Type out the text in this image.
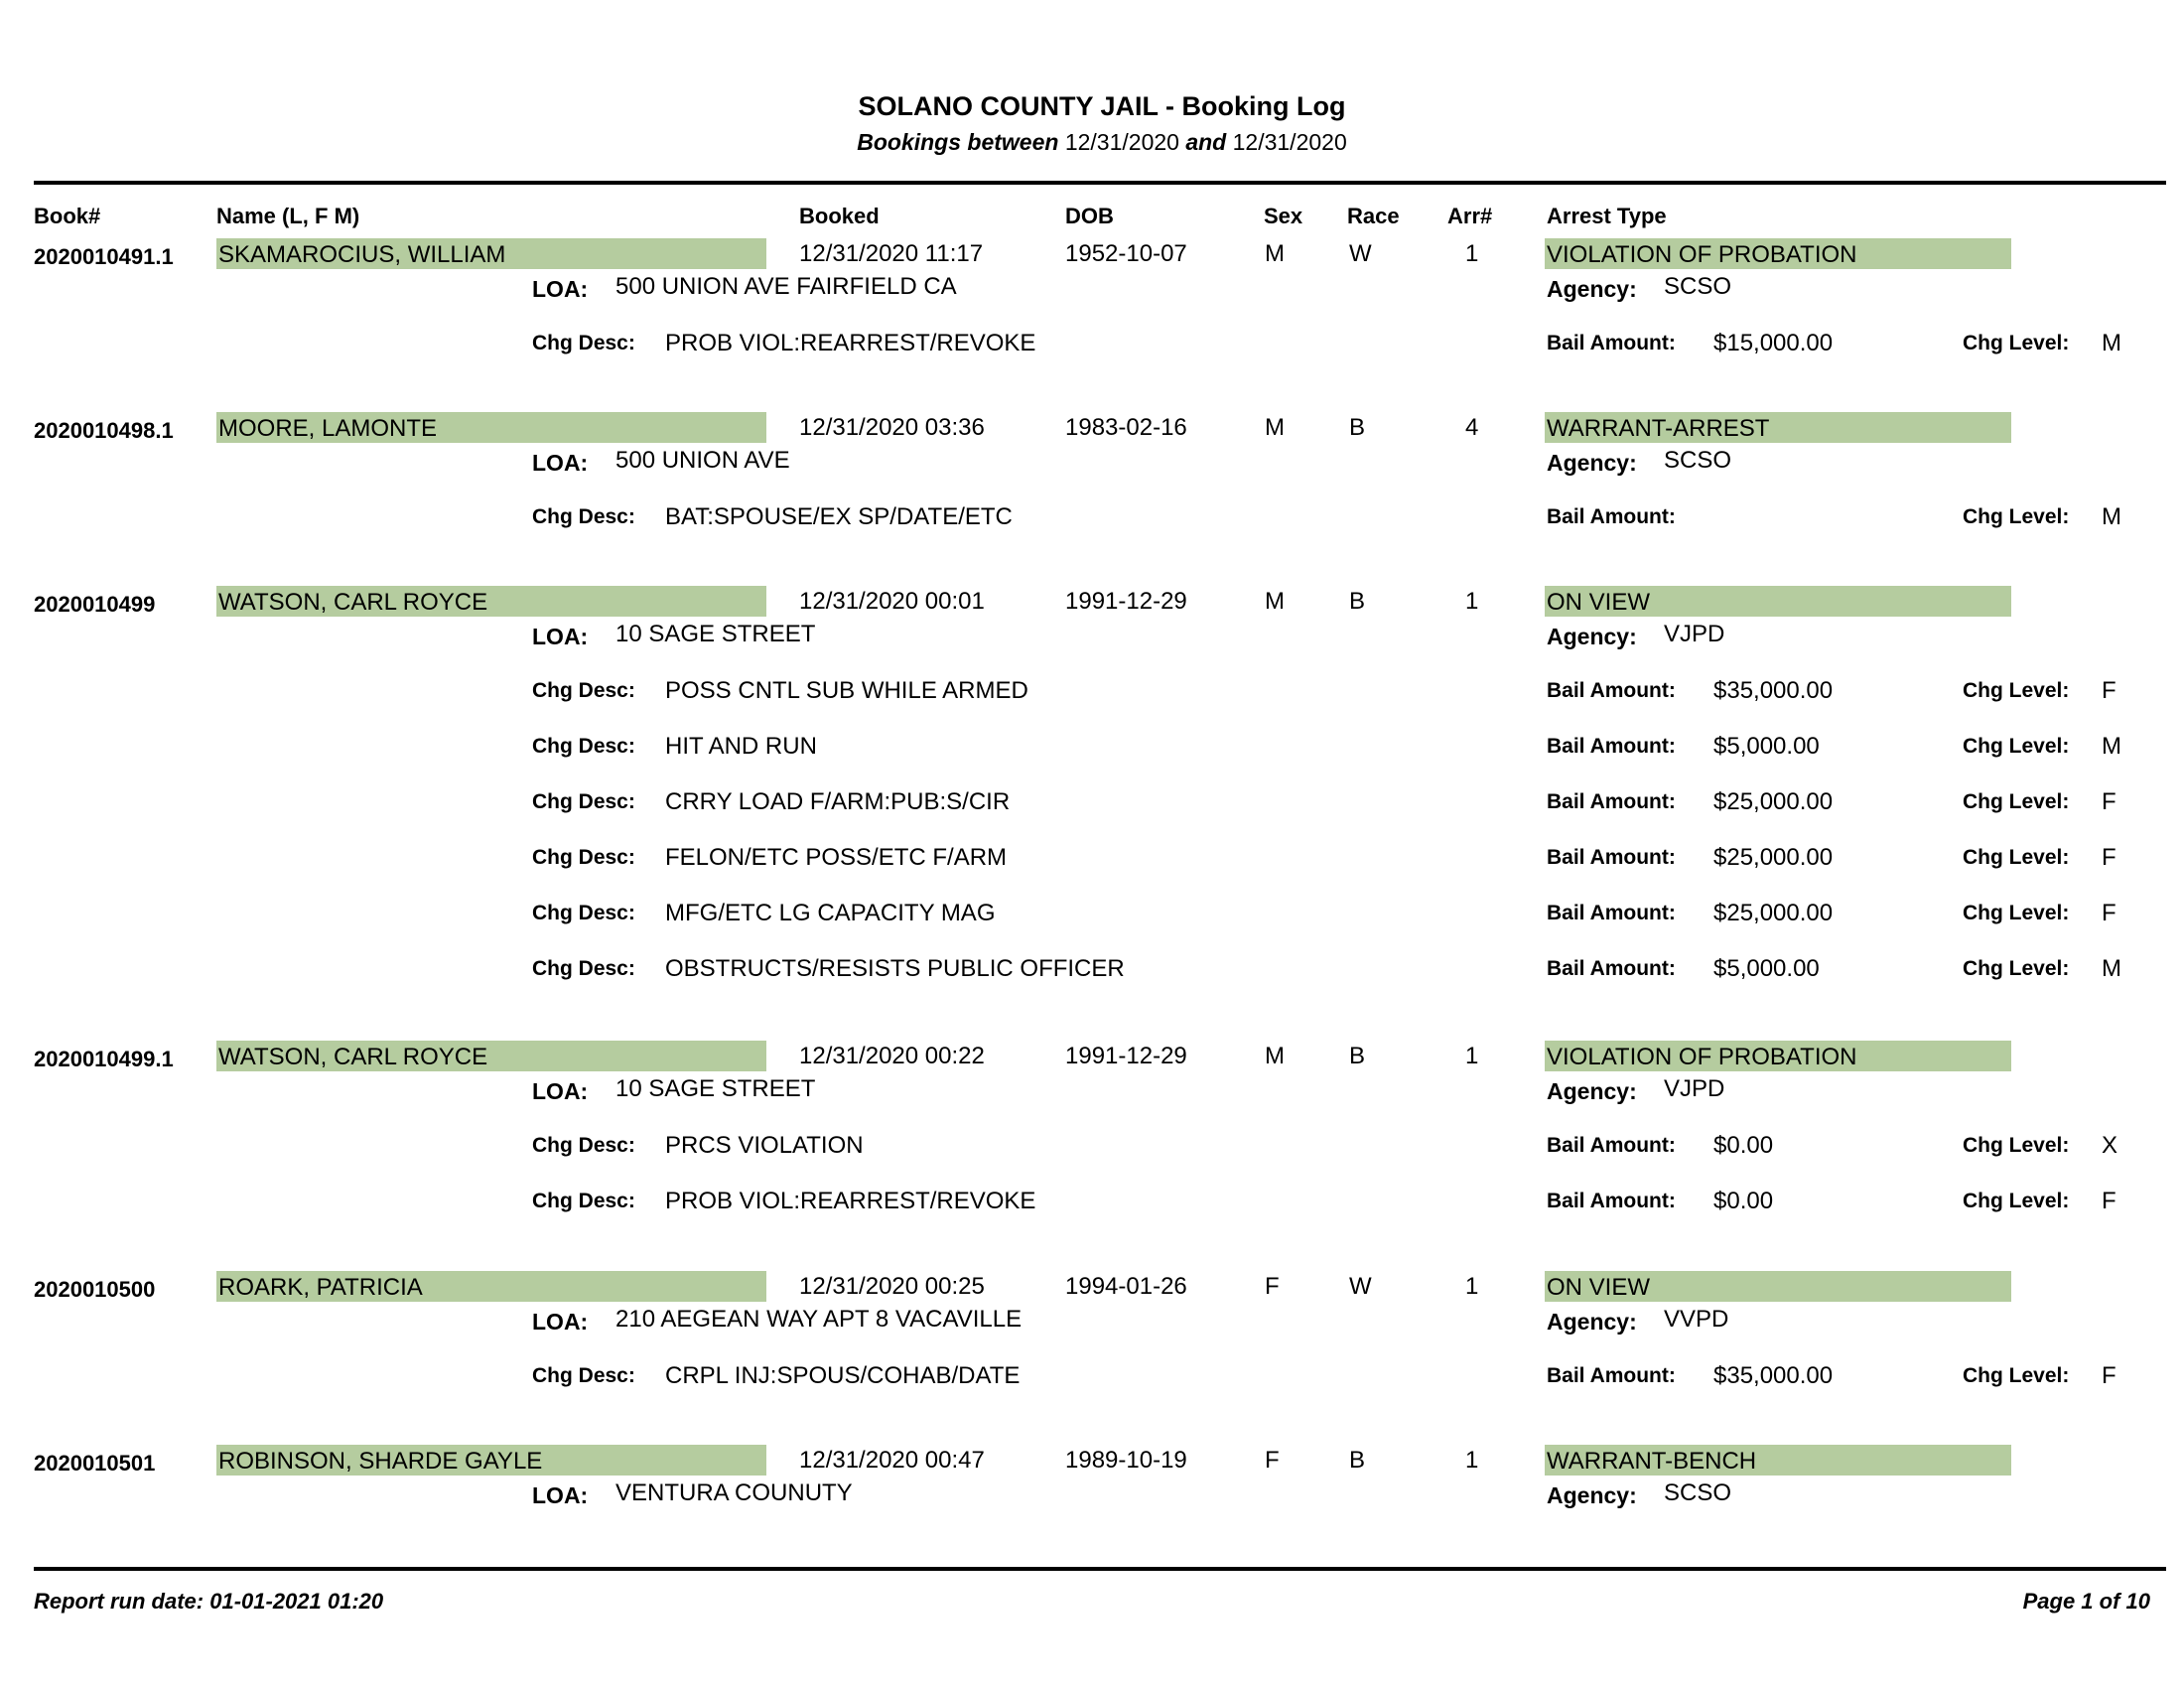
SOLANO COUNTY JAIL - Booking Log
Bookings between 12/31/2020 and 12/31/2020
Book#	Name (L, F M)	Booked	DOB	Sex Race Arr# Arrest Type
2020010491.1 SKAMAROCIUS, WILLIAM	12/31/2020 11:17	1952-10-07	M	W	1	VIOLATION OF PROBATION
LOA: 500 UNION AVE FAIRFIELD CA	Agency: SCSO
Chg Desc: PROB VIOL:REARREST/REVOKE	Bail Amount: $15,000.00	Chg Level: M
2020010498.1 MOORE, LAMONTE	12/31/2020 03:36	1983-02-16	M	B	4	WARRANT-ARREST
LOA: 500 UNION AVE	Agency: SCSO
Chg Desc: BAT:SPOUSE/EX SP/DATE/ETC	Bail Amount:	Chg Level: M
2020010499	WATSON, CARL ROYCE	12/31/2020 00:01	1991-12-29	M	B	1	ON VIEW
LOA: 10 SAGE STREET	Agency: VJPD
Chg Desc: POSS CNTL SUB WHILE ARMED	Bail Amount: $35,000.00	Chg Level: F
Chg Desc: HIT AND RUN	Bail Amount: $5,000.00	Chg Level: M
Chg Desc: CRRY LOAD F/ARM:PUB:S/CIR	Bail Amount: $25,000.00	Chg Level: F
Chg Desc: FELON/ETC POSS/ETC F/ARM	Bail Amount: $25,000.00	Chg Level: F
Chg Desc: MFG/ETC LG CAPACITY MAG	Bail Amount: $25,000.00	Chg Level: F
Chg Desc: OBSTRUCTS/RESISTS PUBLIC OFFICER	Bail Amount: $5,000.00	Chg Level: M
2020010499.1 WATSON, CARL ROYCE	12/31/2020 00:22	1991-12-29	M	B	1	VIOLATION OF PROBATION
LOA: 10 SAGE STREET	Agency: VJPD
Chg Desc: PRCS VIOLATION	Bail Amount: $0.00	Chg Level: X
Chg Desc: PROB VIOL:REARREST/REVOKE	Bail Amount: $0.00	Chg Level: F
2020010500	ROARK, PATRICIA	12/31/2020 00:25	1994-01-26	F	W	1	ON VIEW
LOA: 210 AEGEAN WAY APT 8 VACAVILLE	Agency: VVPD
Chg Desc: CRPL INJ:SPOUS/COHAB/DATE	Bail Amount: $35,000.00	Chg Level: F
2020010501	ROBINSON, SHARDE GAYLE	12/31/2020 00:47	1989-10-19	F	B	1	WARRANT-BENCH
LOA: VENTURA COUNUTY	Agency: SCSO
Report run date: 01-01-2021 01:20	Page 1 of 10
